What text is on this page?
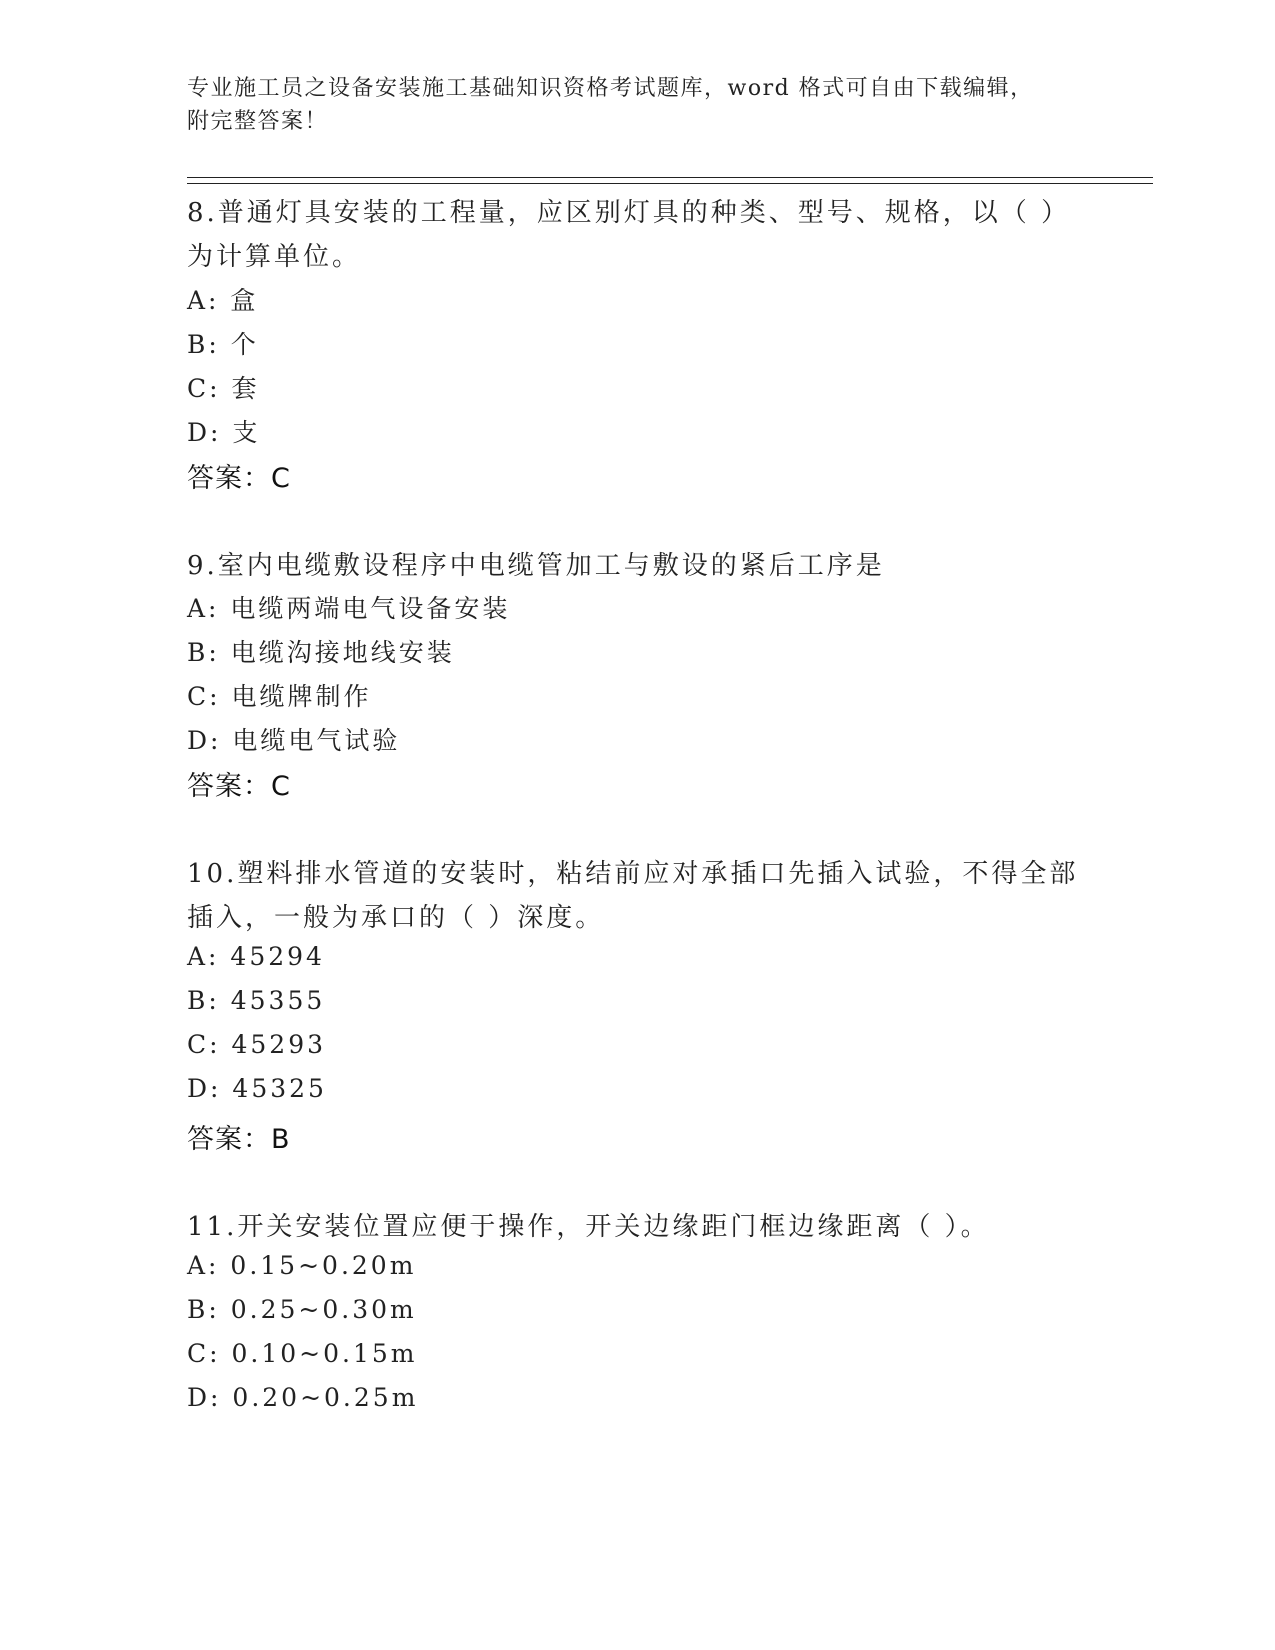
专业施工员之设备安装施工基础知识资格考试题库，word 格式可自由下载编辑，
附完整答案！
8.普通灯具安装的工程量，应区别灯具的种类、型号、规格，以（ ）
为计算单位。
A: 盒
B: 个
C: 套
D: 支
答案：C
9.室内电缆敷设程序中电缆管加工与敷设的紧后工序是
A: 电缆两端电气设备安装
B: 电缆沟接地线安装
C: 电缆牌制作
D: 电缆电气试验
答案：C
10.塑料排水管道的安装时，粘结前应对承插口先插入试验，不得全部
插入，一般为承口的（ ）深度。
A: 45294
B: 45355
C: 45293
D: 45325
答案：B
11.开关安装位置应便于操作，开关边缘距门框边缘距离（ ）。
A: 0.15~0.20m
B: 0.25~0.30m
C: 0.10~0.15m
D: 0.20~0.25m
